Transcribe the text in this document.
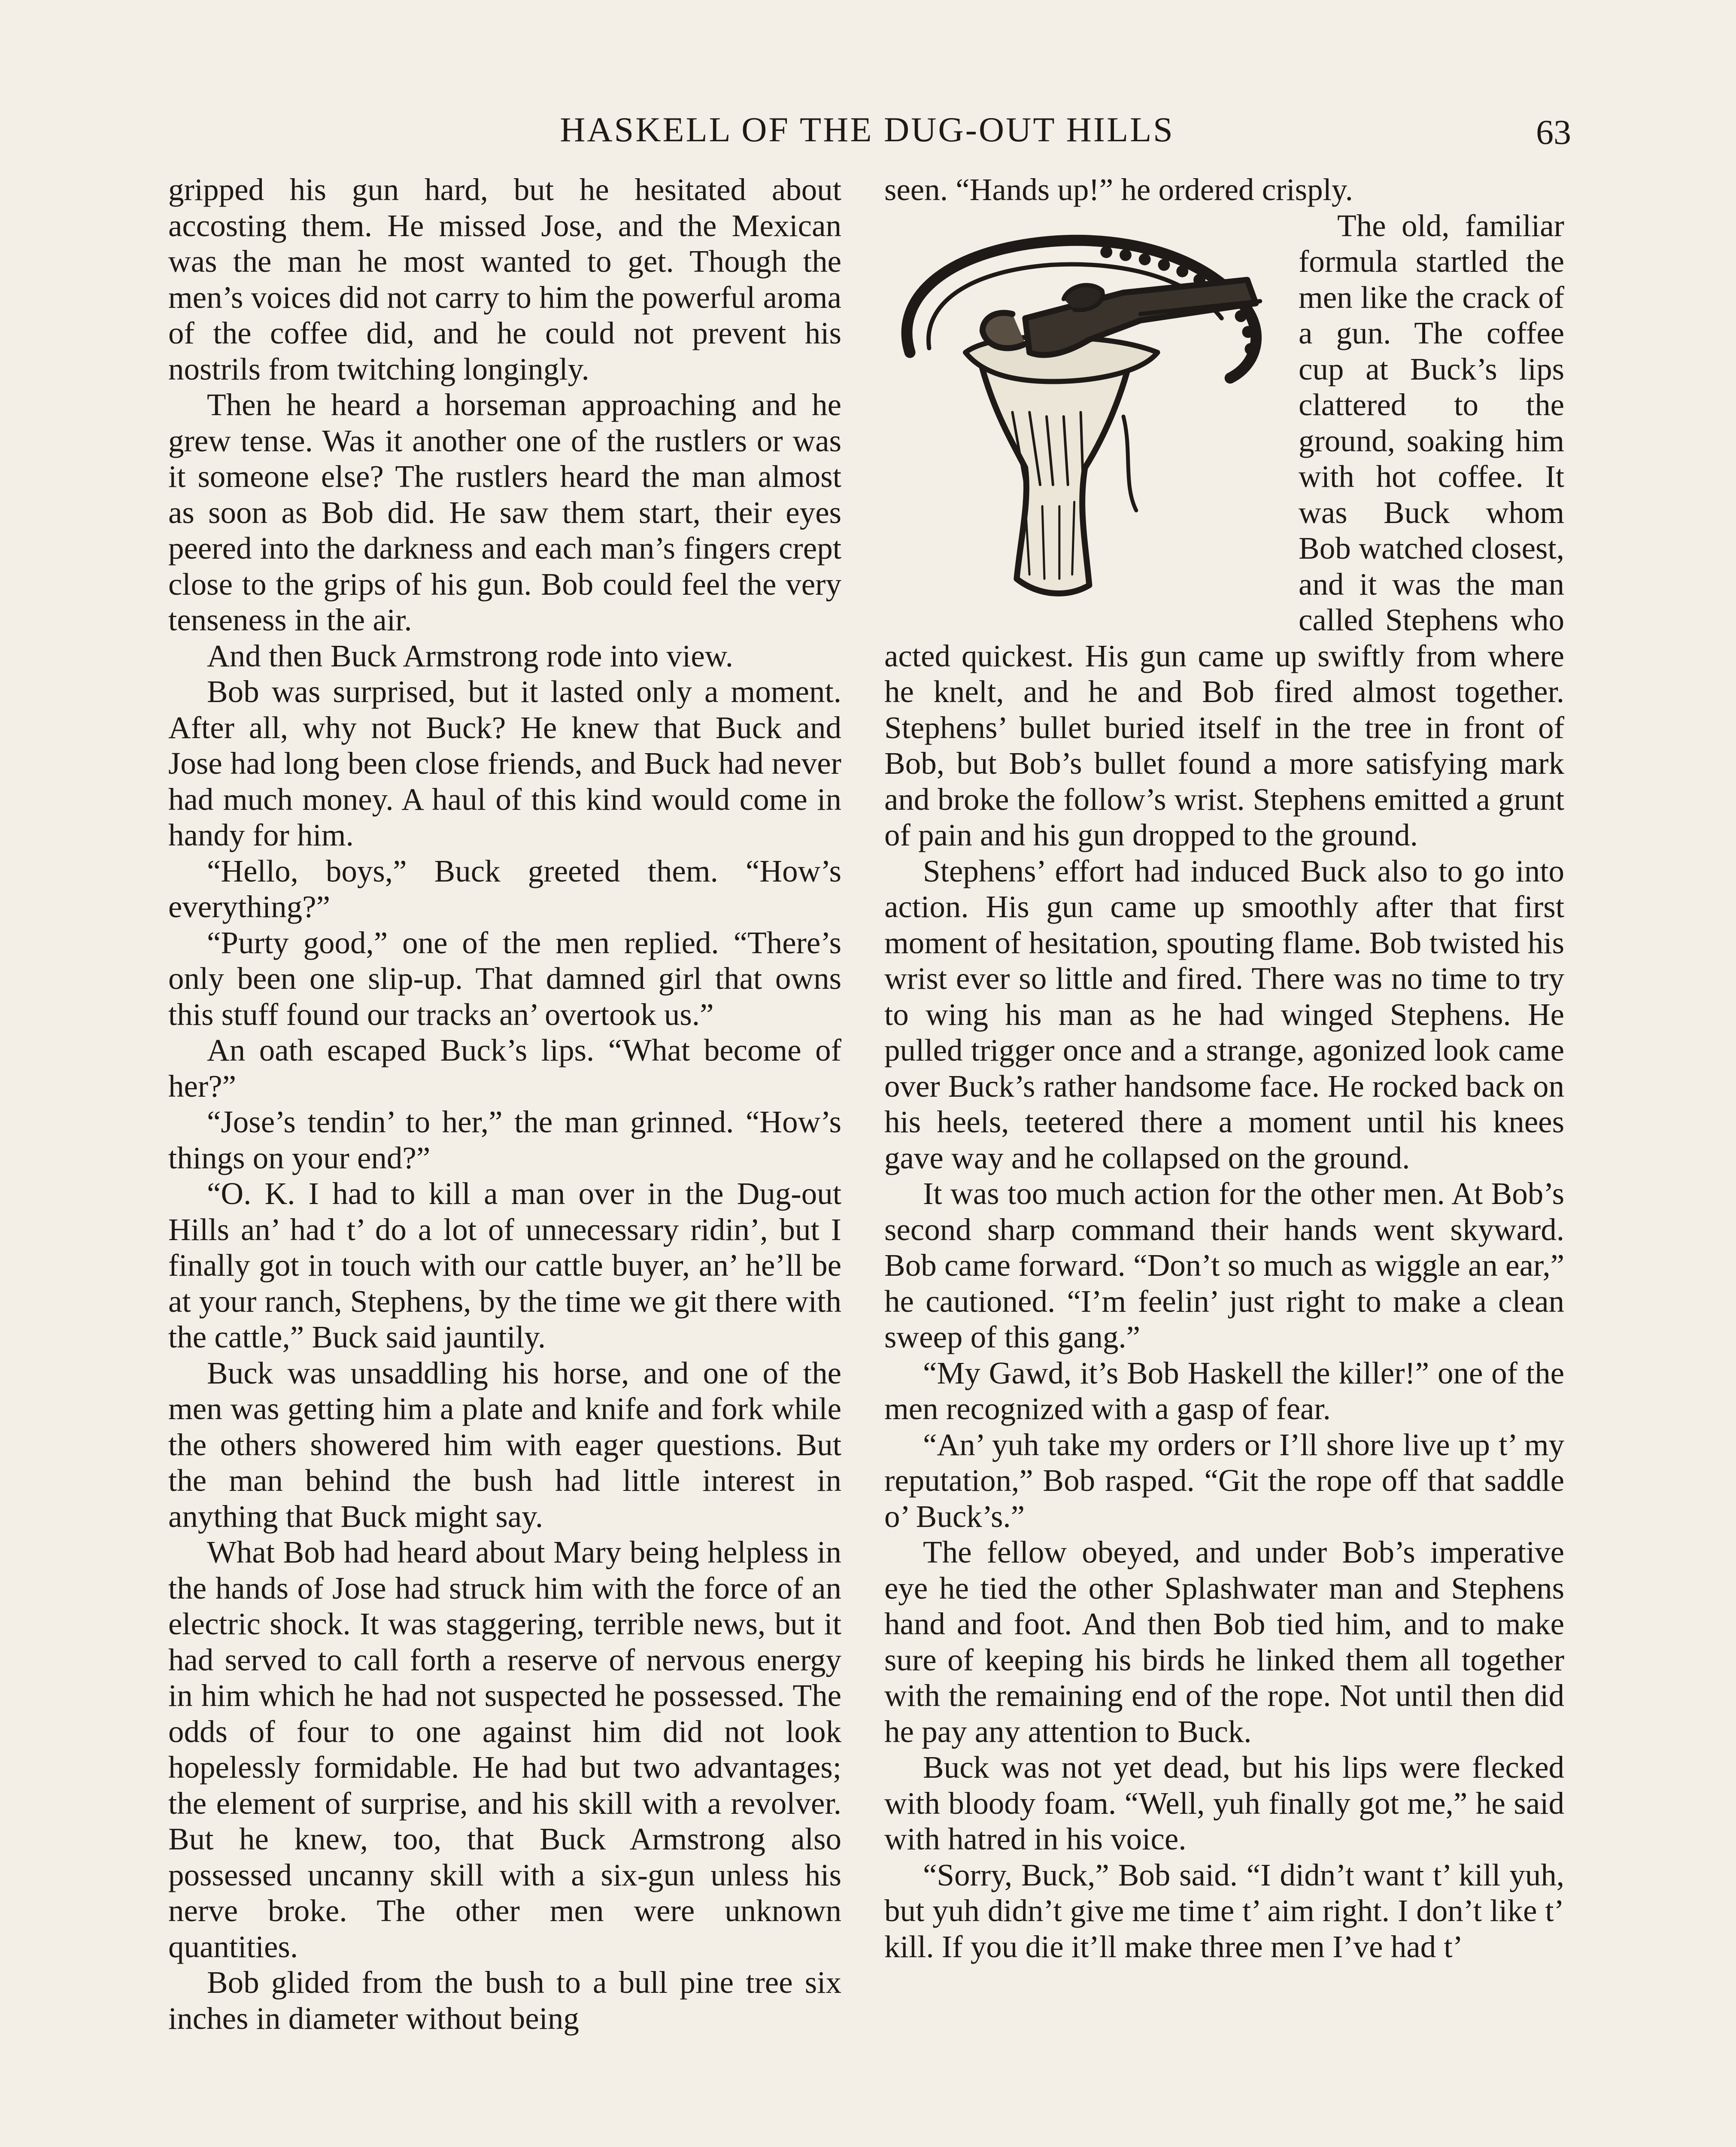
HASKELL OF THE DUG-OUT HILLS	63

gripped his gun hard, but he hesitated about accosting them. He missed Jose, and the Mexican was the man he most wanted to get. Though the men’s voices did not carry to him the powerful aroma of the coffee did, and he could not prevent his nostrils from twitching longingly.

Then he heard a horseman approaching and he grew tense. Was it another one of the rustlers or was it someone else? The rustlers heard the man almost as soon as Bob did. He saw them start, their eyes peered into the darkness and each man’s fingers crept close to the grips of his gun. Bob could feel the very tenseness in the air.

And then Buck Armstrong rode into view.

Bob was surprised, but it lasted only a moment. After all, why not Buck? He knew that Buck and Jose had long been close friends, and Buck had never had much money. A haul of this kind would come in handy for him.

“Hello, boys,” Buck greeted them. “How’s everything?”

“Purty good,” one of the men replied. “There’s only been one slip-up. That damned girl that owns this stuff found our tracks an’ overtook us.”

An oath escaped Buck’s lips. “What become of her?”

“Jose’s tendin’ to her,” the man grinned. “How’s things on your end?”

“O. K. I had to kill a man over in the Dug-out Hills an’ had t’ do a lot of unnecessary ridin’, but I finally got in touch with our cattle buyer, an’ he’ll be at your ranch, Stephens, by the time we git there with the cattle,” Buck said jauntily.

Buck was unsaddling his horse, and one of the men was getting him a plate and knife and fork while the others showered him with eager questions. But the man behind the bush had little interest in anything that Buck might say.

What Bob had heard about Mary being helpless in the hands of Jose had struck him with the force of an electric shock. It was staggering, terrible news, but it had served to call forth a reserve of nervous energy in him which he had not suspected he possessed. The odds of four to one against him did not look hopelessly formidable. He had but two advantages; the element of surprise, and his skill with a revolver. But he knew, too, that Buck Armstrong also possessed uncanny skill with a six-gun unless his nerve broke. The other men were unknown quantities.

Bob glided from the bush to a bull pine tree six inches in diameter without being

seen. “Hands up!” he ordered crisply.

The old, familiar formula startled the men like the crack of a gun. The coffee cup at Buck’s lips clattered to the ground, soaking him with hot coffee. It was Buck whom Bob watched closest, and it was the man called Stephens who acted quickest. His gun came up swiftly from where he knelt, and he and Bob fired almost together. Stephens’ bullet buried itself in the tree in front of Bob, but Bob’s bullet found a more satisfying mark and broke the follow’s wrist. Stephens emitted a grunt of pain and his gun dropped to the ground.

Stephens’ effort had induced Buck also to go into action. His gun came up smoothly after that first moment of hesitation, spouting flame. Bob twisted his wrist ever so little and fired. There was no time to try to wing his man as he had winged Stephens. He pulled trigger once and a strange, agonized look came over Buck’s rather handsome face. He rocked back on his heels, teetered there a moment until his knees gave way and he collapsed on the ground.

It was too much action for the other men. At Bob’s second sharp command their hands went skyward. Bob came forward. “Don’t so much as wiggle an ear,” he cautioned. “I’m feelin’ just right to make a clean sweep of this gang.”

“My Gawd, it’s Bob Haskell the killer!” one of the men recognized with a gasp of fear.

“An’ yuh take my orders or I’ll shore live up t’ my reputation,” Bob rasped. “Git the rope off that saddle o’ Buck’s.”

The fellow obeyed, and under Bob’s imperative eye he tied the other Splashwater man and Stephens hand and foot. And then Bob tied him, and to make sure of keeping his birds he linked them all together with the remaining end of the rope. Not until then did he pay any attention to Buck.

Buck was not yet dead, but his lips were flecked with bloody foam. “Well, yuh finally got me,” he said with hatred in his voice.

“Sorry, Buck,” Bob said. “I didn’t want t’ kill yuh, but yuh didn’t give me time t’ aim right. I don’t like t’ kill. If you die it’ll make three men I’ve had t’
